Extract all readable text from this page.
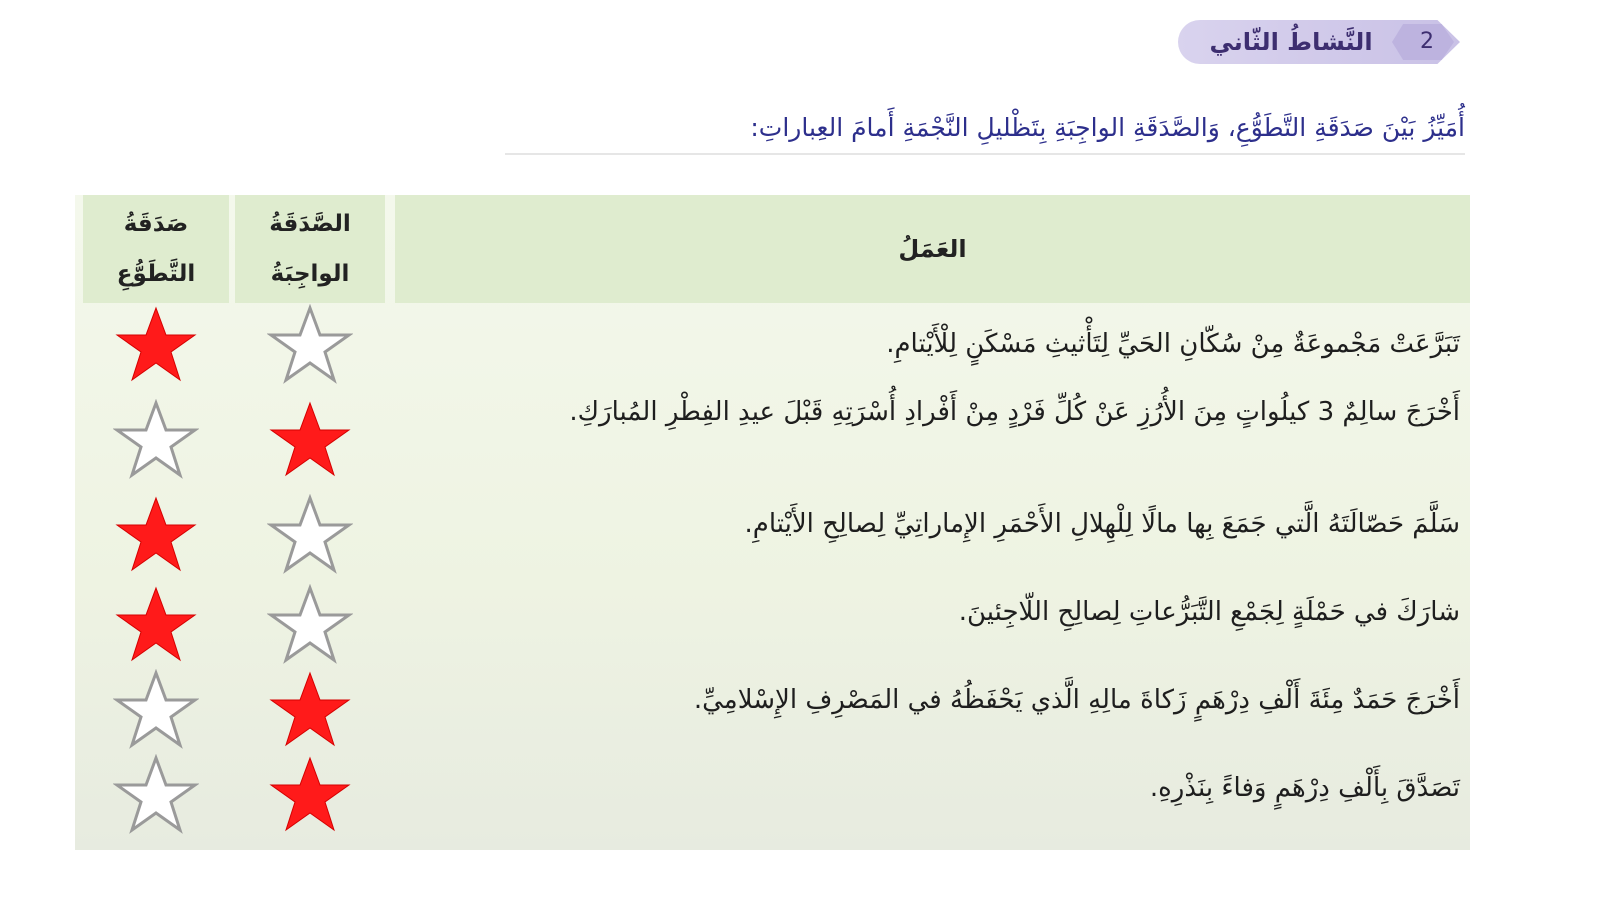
النَّشاطُ الثّاني	2
أُمَيِّزُ بَيْنَ صَدَقَةِ التَّطَوُّعِ، وَالصَّدَقَةِ الواجِبَةِ بِتَظْليلِ النَّجْمَةِ أَمامَ العِباراتِ:
العَمَلُ
الصَّدَقَةُ
الواجِبَةُ
صَدَقَةُ
التَّطَوُّعِ
تَبَرَّعَتْ مَجْموعَةٌ مِنْ سُكّانِ الحَيِّ لِتَأْثيثِ مَسْكَنٍ لِلْأَيْتامِ.
أَخْرَجَ سالِمٌ 3 كيلُواتٍ مِنَ الأُرُزِ عَنْ كُلِّ فَرْدٍ مِنْ أَفْرادِ أُسْرَتِهِ قَبْلَ عيدِ الفِطْرِ المُبارَكِ.
سَلَّمَ حَصّالَتَهُ الَّتي جَمَعَ بِها مالًا لِلْهِلالِ الأَحْمَرِ الإِماراتِيِّ لِصالِحِ الأَيْتامِ.
شارَكَ في حَمْلَةٍ لِجَمْعِ التَّبَرُّعاتِ لِصالِحِ اللّاجِئينَ.
أَخْرَجَ حَمَدٌ مِئَةَ أَلْفِ دِرْهَمٍ زَكاةَ مالِهِ الَّذي يَحْفَظُهُ في المَصْرِفِ الإِسْلامِيِّ.
تَصَدَّقَ بِأَلْفِ دِرْهَمٍ وَفاءً بِنَذْرِهِ.
